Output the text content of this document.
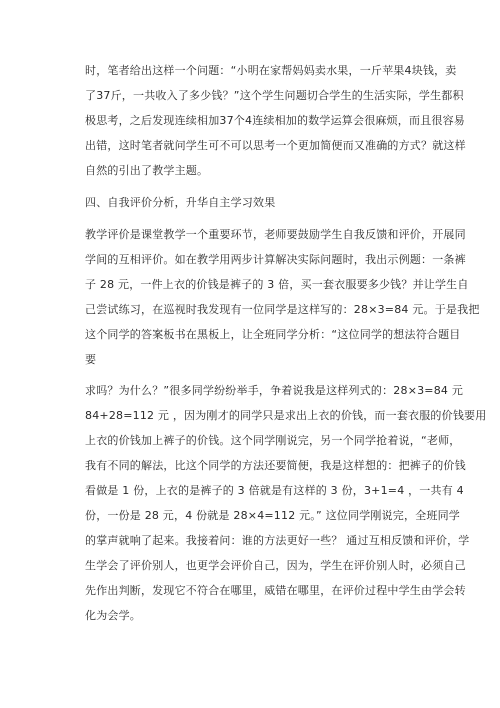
时，笔者给出这样一个问题：“小明在家帮妈妈卖水果，一斤苹果4块钱，卖
了37斤，一共收入了多少钱？”这个学生问题切合学生的生活实际，学生都积
极思考，之后发现连续相加37个4连续相加的数学运算会很麻烦，而且很容易
出错，这时笔者就问学生可不可以思考一个更加简便而又准确的方式？就这样
自然的引出了教学主题。
四、自我评价分析，升华自主学习效果
教学评价是课堂教学一个重要环节，老师要鼓励学生自我反馈和评价，开展同
学间的互相评价。如在教学用两步计算解决实际问题时，我出示例题：一条裤
子 28 元，一件上衣的价钱是裤子的 3 倍，买一套衣服要多少钱？并让学生自
己尝试练习，在巡视时我发现有一位同学是这样写的：28×3=84 元。于是我把
这个同学的答案板书在黑板上，让全班同学分析：“这位同学的想法符合题目
要
求吗？为什么？”很多同学纷纷举手，争着说我是这样列式的：28×3=84 元
84+28=112 元 ，因为刚才的同学只是求出上衣的价钱，而一套衣服的价钱要用
上衣的价钱加上裤子的价钱。这个同学刚说完，另一个同学抢着说，“老师，
我有不同的解法，比这个同学的方法还要简便，我是这样想的：把裤子的价钱
看做是 1 份，上衣的是裤子的 3 倍就是有这样的 3 份，3+1=4 ，一共有 4
份，一份是 28 元，4 份就是 28×4=112 元。” 这位同学刚说完，全班同学
的掌声就响了起来。我接着问：谁的方法更好一些？ 通过互相反馈和评价，学
生学会了评价别人，也更学会评价自己，因为，学生在评价别人时，必须自己
先作出判断，发现它不符合在哪里，威错在哪里，在评价过程中学生由学会转
化为会学。
